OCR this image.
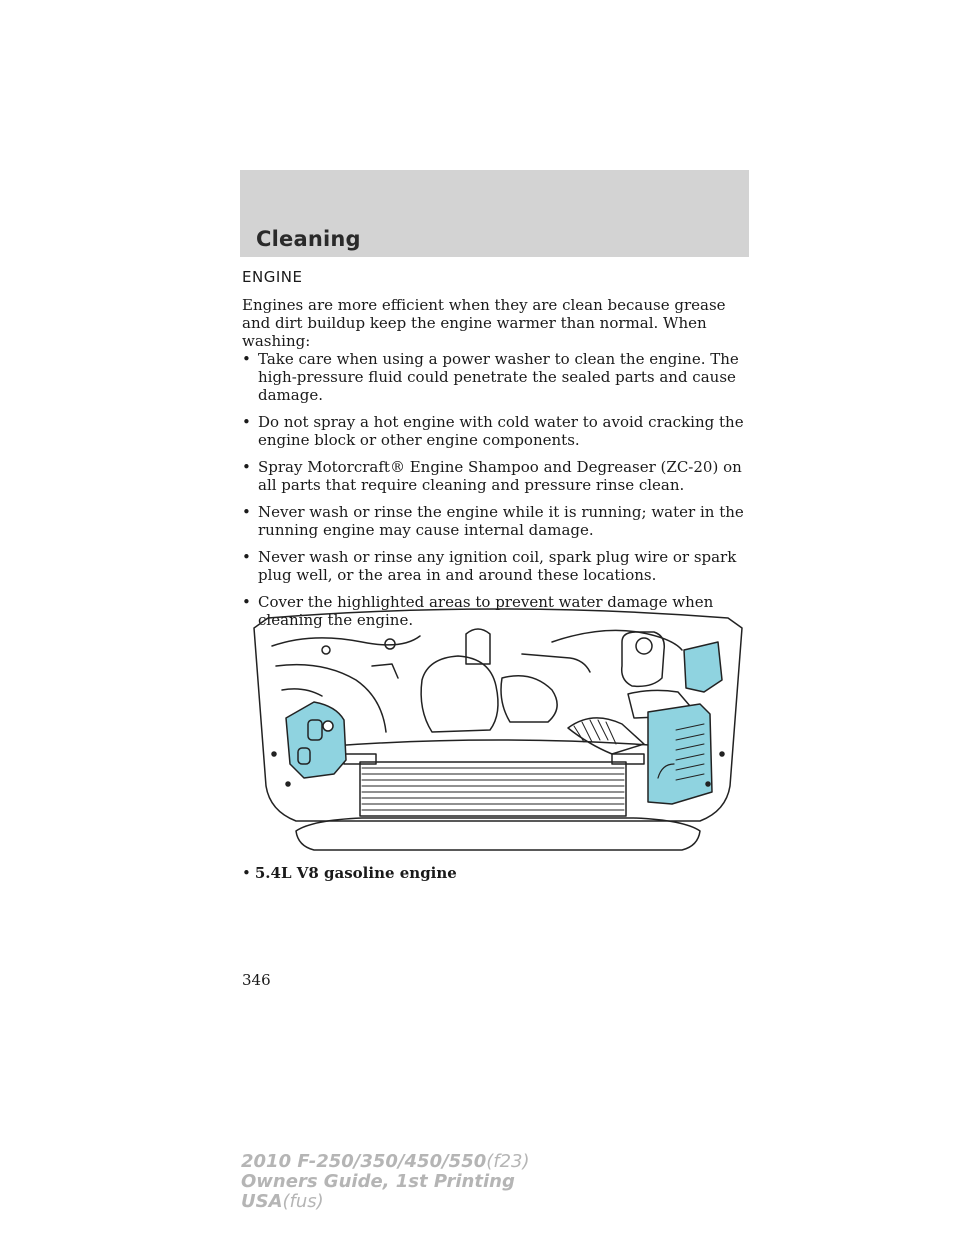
Cleaning
ENGINE
Engines are more efficient when they are clean because grease and dirt buildup keep the engine warmer than normal. When washing:
• Take care when using a power washer to clean the engine. The high-pressure fluid could penetrate the sealed parts and cause damage.
• Do not spray a hot engine with cold water to avoid cracking the engine block or other engine components.
• Spray Motorcraft® Engine Shampoo and Degreaser (ZC-20) on all parts that require cleaning and pressure rinse clean.
• Never wash or rinse the engine while it is running; water in the running engine may cause internal damage.
• Never wash or rinse any ignition coil, spark plug wire or spark plug well, or the area in and around these locations.
• Cover the highlighted areas to prevent water damage when cleaning the engine.
• 5.4L V8 gasoline engine
346
2010 F-250/350/450/550(f23)
Owners Guide, 1st Printing
USA(fus)
